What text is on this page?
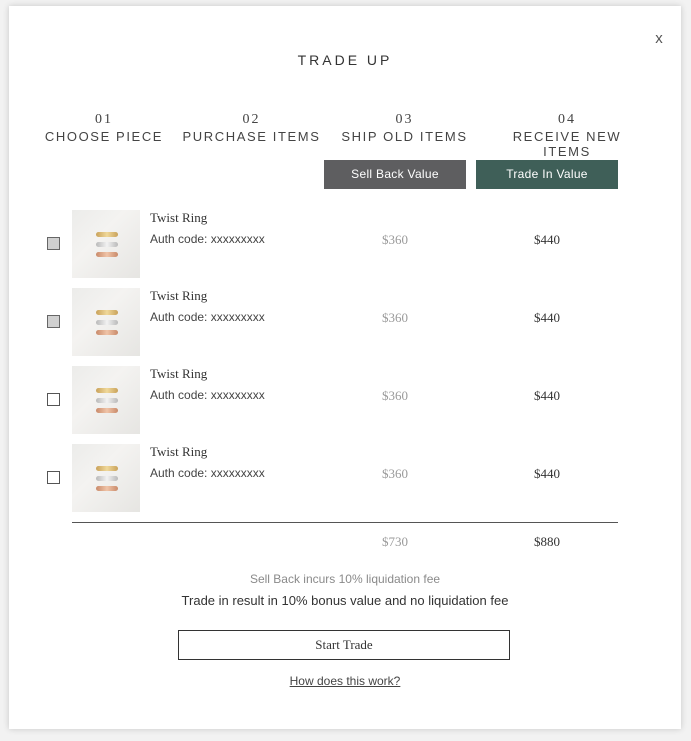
x
TRADE UP
01
CHOOSE PIECE
02
PURCHASE ITEMS
03
SHIP OLD ITEMS
04
RECEIVE NEW ITEMS
Sell Back Value	Trade In Value
Twist Ring
Auth code: xxxxxxxxx	$360	$440
Twist Ring
Auth code: xxxxxxxxx	$360	$440
Twist Ring
Auth code: xxxxxxxxx	$360	$440
Twist Ring
Auth code: xxxxxxxxx	$360	$440
$730	$880
Sell Back incurs 10% liquidation fee
Trade in result in 10% bonus value and no liquidation fee
Start Trade
How does this work?
